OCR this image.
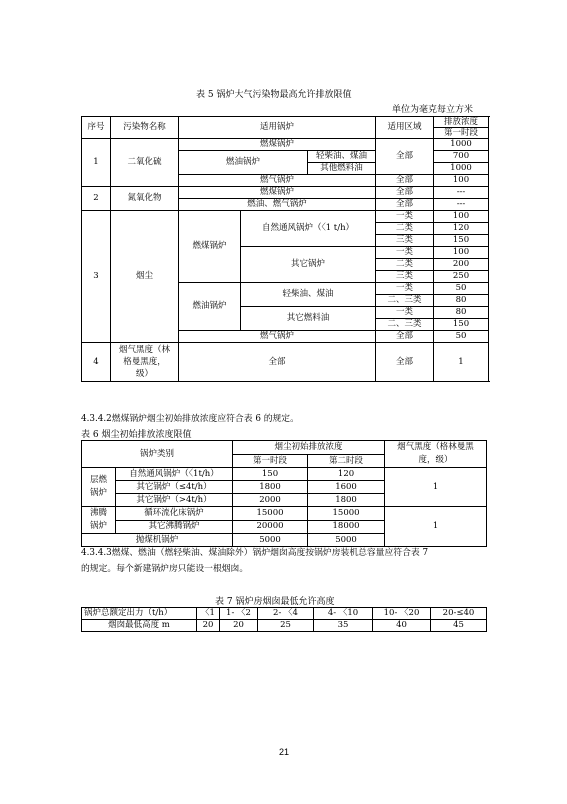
表 5 锅炉大气污染物最高允许排放限值
单位为毫克每立方米
序号	污染物名称	适用锅炉			适用区域	排放浓度	
						第一时段	
1	二氧化硫	燃煤锅炉			全部	1000	
		燃油锅炉		轻柴油、煤油		700	
				其他燃料油		1000	
		燃气锅炉			全部	100	
2	氮氧化物	燃煤锅炉			全部	---	
		燃油、燃气锅炉			全部	---	
3	烟尘	燃煤锅炉	自然通风锅炉（〈1 t/h）		一类	100	
					二类	120	
					三类	150	
			其它锅炉		一类	100	
					二类	200	
					三类	250	
		燃油锅炉	轻柴油、煤油		一类	50	
					二、三类	80	
			其它燃料油		一类	80	
					二、三类	150	
		燃气锅炉			全部	50	
4	烟气黑度（林格曼黑度，级）	全部			全部	1	
4.3.4.2燃煤锅炉烟尘初始排放浓度应符合表 6 的规定。
表 6 烟尘初始排放浓度限值
锅炉类别		烟尘初始排放浓度		烟气黑度（格林曼黑度，级）
		第一时段	第二时段	
层燃锅炉	自然通风锅炉（〈1t/h）	150	120	1
	其它锅炉（≤4t/h）	1800	1600	
	其它锅炉（>4t/h）	2000	1800	
沸腾锅炉	循环流化床锅炉	15000	15000	1
	其它沸腾锅炉	20000	18000	
抛煤机锅炉		5000	5000	
4.3.4.3燃煤、燃油（燃轻柴油、煤油除外）锅炉烟囱高度按锅炉房装机总容量应符合表 7
的规定。每个新建锅炉房只能设一根烟囱。
表 7 锅炉房烟囱最低允许高度
锅炉总额定出力（t/h）	〈1	1- 〈2	2- 〈4	4- 〈10	10- 〈20	20-≤40
烟囱最低高度 m	20	20	25	35	40	45
21
